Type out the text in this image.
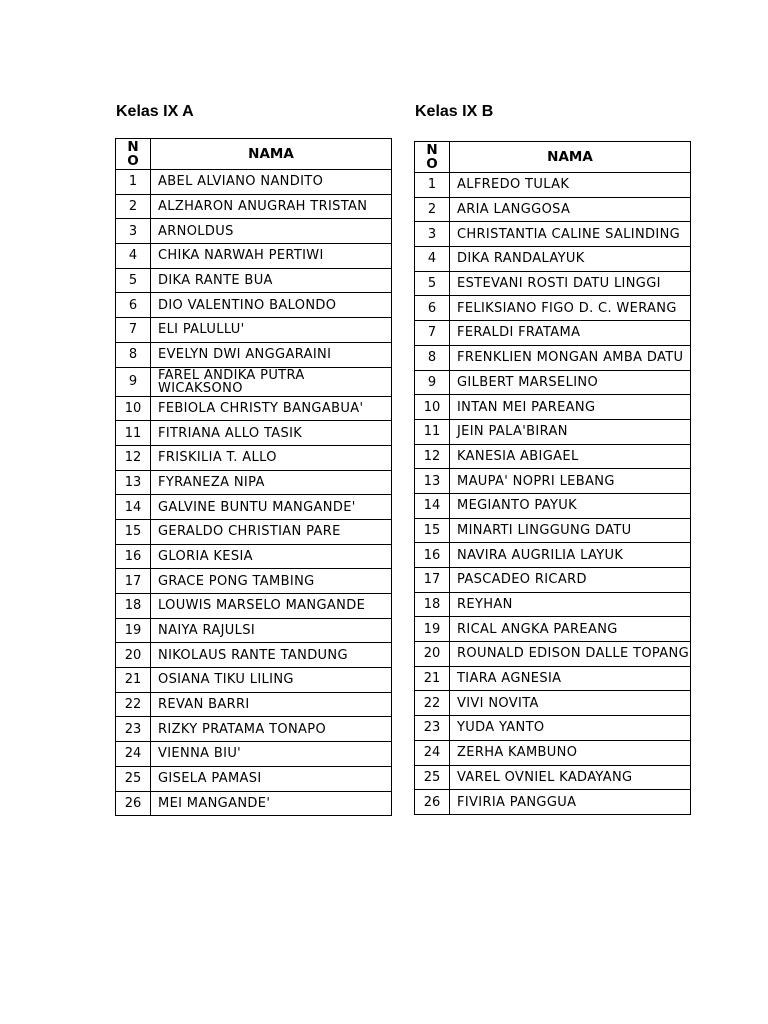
Kelas IX A
N
O	NAMA
1	ABEL ALVIANO NANDITO
2	ALZHARON ANUGRAH TRISTAN
3	ARNOLDUS
4	CHIKA NARWAH PERTIWI
5	DIKA RANTE BUA
6	DIO VALENTINO BALONDO
7	ELI PALULLU'
8	EVELYN DWI ANGGARAINI
9	FAREL ANDIKA PUTRA WICAKSONO
10	FEBIOLA CHRISTY BANGABUA'
11	FITRIANA ALLO TASIK
12	FRISKILIA T. ALLO
13	FYRANEZA NIPA
14	GALVINE BUNTU MANGANDE'
15	GERALDO CHRISTIAN PARE
16	GLORIA KESIA
17	GRACE PONG TAMBING
18	LOUWIS MARSELO MANGANDE
19	NAIYA RAJULSI
20	NIKOLAUS RANTE TANDUNG
21	OSIANA TIKU LILING
22	REVAN BARRI
23	RIZKY PRATAMA TONAPO
24	VIENNA BIU'
25	GISELA PAMASI
26	MEI MANGANDE'
Kelas IX B
N
O	NAMA
1	ALFREDO TULAK
2	ARIA LANGGOSA
3	CHRISTANTIA CALINE SALINDING
4	DIKA RANDALAYUK
5	ESTEVANI ROSTI DATU LINGGI
6	FELIKSIANO FIGO D. C. WERANG
7	FERALDI FRATAMA
8	FRENKLIEN MONGAN AMBA DATU
9	GILBERT MARSELINO
10	INTAN MEI PAREANG
11	JEIN PALA'BIRAN
12	KANESIA ABIGAEL
13	MAUPA' NOPRI LEBANG
14	MEGIANTO PAYUK
15	MINARTI LINGGUNG DATU
16	NAVIRA AUGRILIA LAYUK
17	PASCADEO RICARD
18	REYHAN
19	RICAL ANGKA PAREANG
20	ROUNALD EDISON DALLE TOPANG
21	TIARA AGNESIA
22	VIVI NOVITA
23	YUDA YANTO
24	ZERHA KAMBUNO
25	VAREL OVNIEL KADAYANG
26	FIVIRIA PANGGUA
